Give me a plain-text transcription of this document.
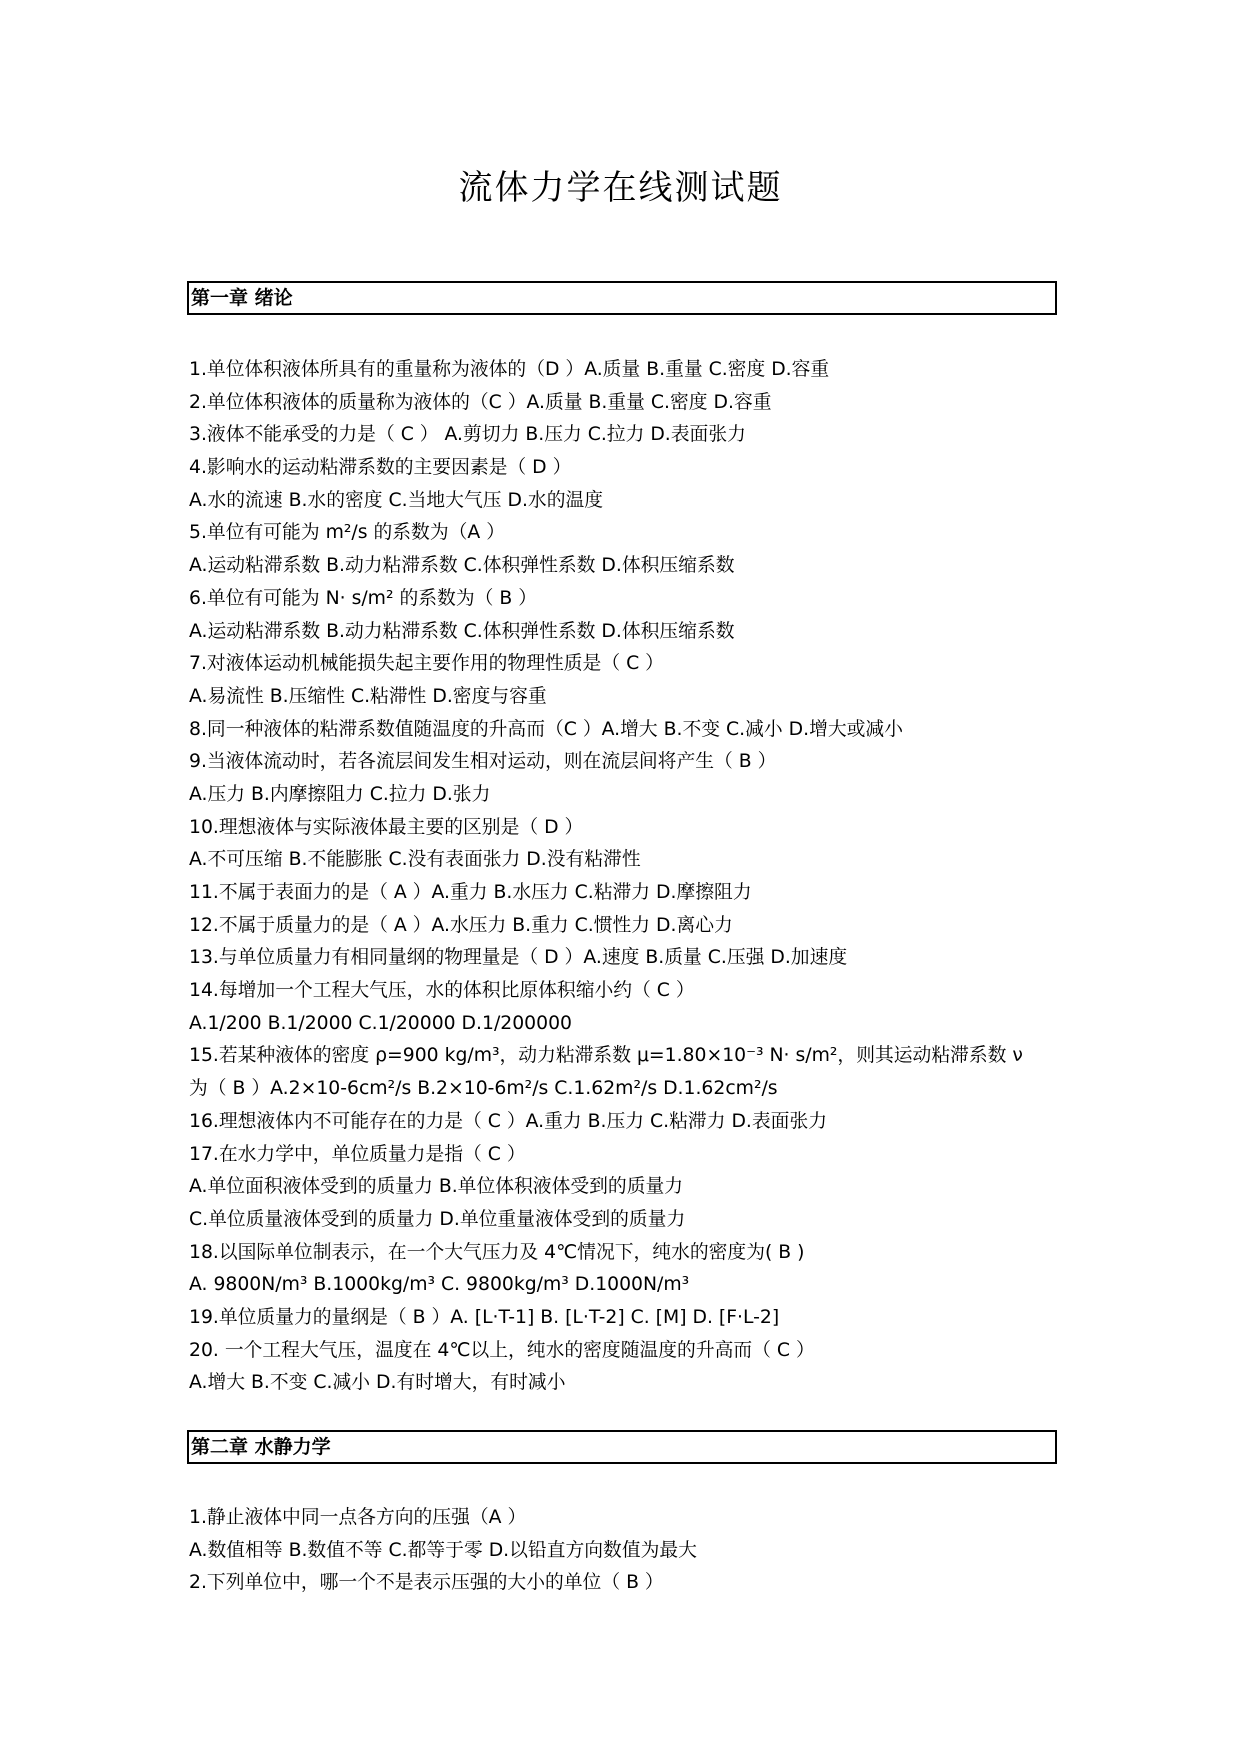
流体力学在线测试题
第一章 绪论
1.单位体积液体所具有的重量称为液体的（D ）A.质量 B.重量 C.密度 D.容重
2.单位体积液体的质量称为液体的（C ）A.质量 B.重量 C.密度 D.容重
3.液体不能承受的力是（ C ） A.剪切力 B.压力 C.拉力 D.表面张力
4.影响水的运动粘滞系数的主要因素是（ D ）
A.水的流速 B.水的密度 C.当地大气压 D.水的温度
5.单位有可能为 m²/s 的系数为（A ）
A.运动粘滞系数 B.动力粘滞系数 C.体积弹性系数 D.体积压缩系数
6.单位有可能为 N· s/m² 的系数为（ B ）
A.运动粘滞系数 B.动力粘滞系数 C.体积弹性系数 D.体积压缩系数
7.对液体运动机械能损失起主要作用的物理性质是（ C ）
A.易流性 B.压缩性 C.粘滞性 D.密度与容重
8.同一种液体的粘滞系数值随温度的升高而（C ）A.增大 B.不变 C.减小 D.增大或减小
9.当液体流动时，若各流层间发生相对运动，则在流层间将产生（ B ）
A.压力 B.内摩擦阻力 C.拉力 D.张力
10.理想液体与实际液体最主要的区别是（ D ）
A.不可压缩 B.不能膨胀 C.没有表面张力 D.没有粘滞性
11.不属于表面力的是（ A ）A.重力 B.水压力 C.粘滞力 D.摩擦阻力
12.不属于质量力的是（ A ）A.水压力 B.重力 C.惯性力 D.离心力
13.与单位质量力有相同量纲的物理量是（ D ）A.速度 B.质量 C.压强 D.加速度
14.每增加一个工程大气压，水的体积比原体积缩小约（ C ）
A.1/200 B.1/2000 C.1/20000 D.1/200000
15.若某种液体的密度 ρ=900 kg/m³，动力粘滞系数 μ=1.80×10⁻³ N· s/m²，则其运动粘滞系数 ν
为（ B ）A.2×10-6cm²/s B.2×10-6m²/s C.1.62m²/s D.1.62cm²/s
16.理想液体内不可能存在的力是（ C ）A.重力 B.压力 C.粘滞力 D.表面张力
17.在水力学中，单位质量力是指（ C ）
A.单位面积液体受到的质量力 B.单位体积液体受到的质量力
C.单位质量液体受到的质量力 D.单位重量液体受到的质量力
18.以国际单位制表示，在一个大气压力及 4℃情况下，纯水的密度为( B )
A. 9800N/m³ B.1000kg/m³ C. 9800kg/m³ D.1000N/m³
19.单位质量力的量纲是（ B ）A. [L·T-1] B. [L·T-2] C. [M] D. [F·L-2]
20. 一个工程大气压，温度在 4℃以上，纯水的密度随温度的升高而（ C ）
A.增大 B.不变 C.减小 D.有时增大，有时减小
第二章 水静力学
1.静止液体中同一点各方向的压强（A ）
A.数值相等 B.数值不等 C.都等于零 D.以铅直方向数值为最大
2.下列单位中，哪一个不是表示压强的大小的单位（ B ）
